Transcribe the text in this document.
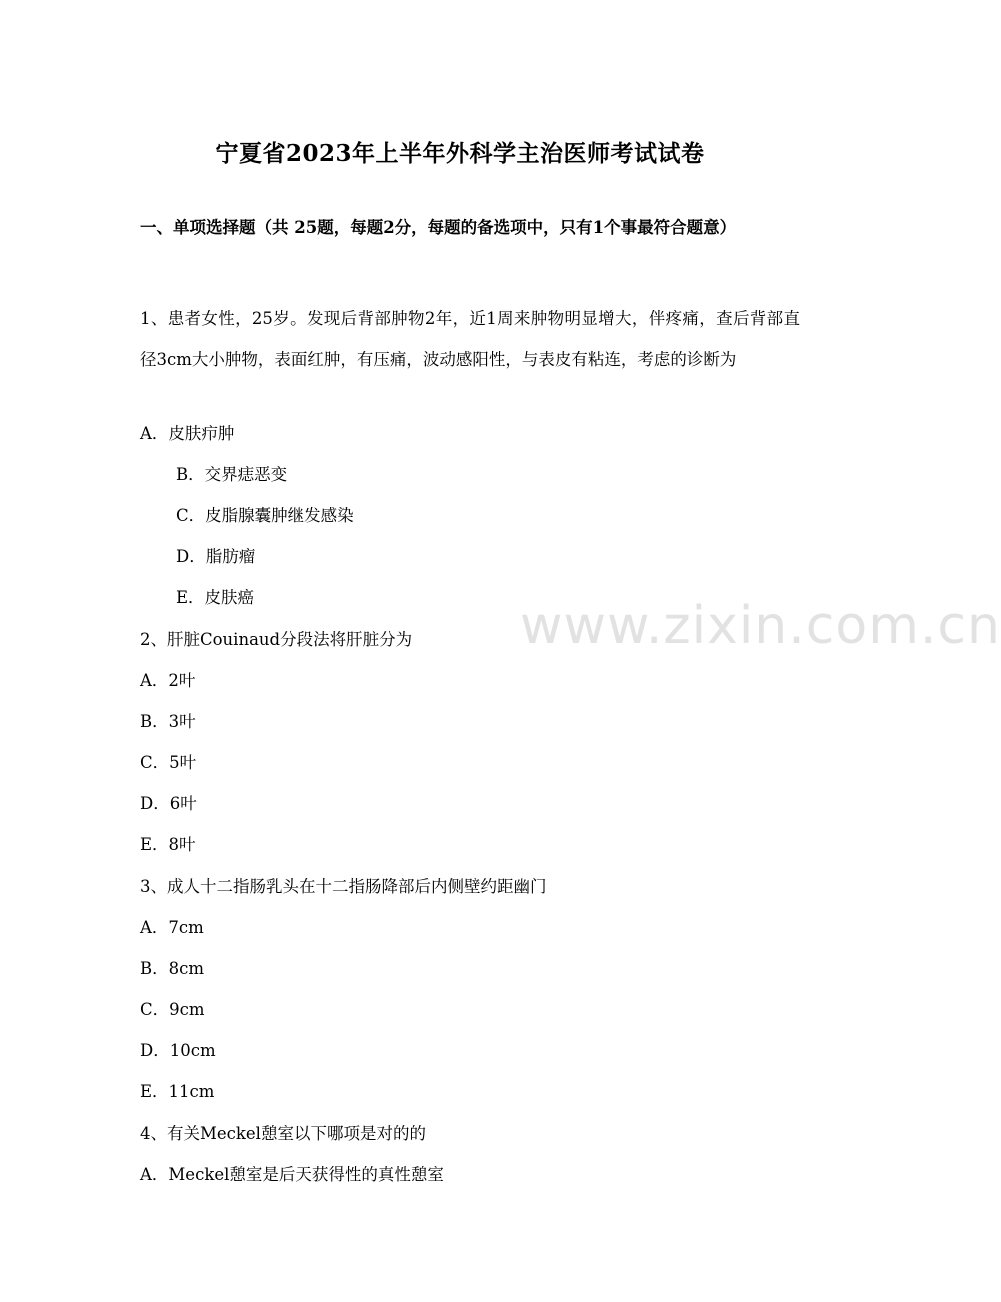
www.zixin.com.cn
宁夏省2023年上半年外科学主治医师考试试卷
一、单项选择题（共 25题，每题2分，每题的备选项中，只有1个事最符合题意）
1、患者女性，25岁。发现后背部肿物2年，近1周来肿物明显增大，伴疼痛，查后背部直径3cm大小肿物，表面红肿，有压痛，波动感阳性，与表皮有粘连，考虑的诊断为
A．皮肤疖肿
B．交界痣恶变
C．皮脂腺囊肿继发感染
D．脂肪瘤
E．皮肤癌
2、肝脏Couinaud分段法将肝脏分为
A．2叶
B．3叶
C．5叶
D．6叶
E．8叶
3、成人十二指肠乳头在十二指肠降部后内侧壁约距幽门
A．7cm
B．8cm
C．9cm
D．10cm
E．11cm
4、有关Meckel憩室以下哪项是对的的
A．Meckel憩室是后天获得性的真性憩室
